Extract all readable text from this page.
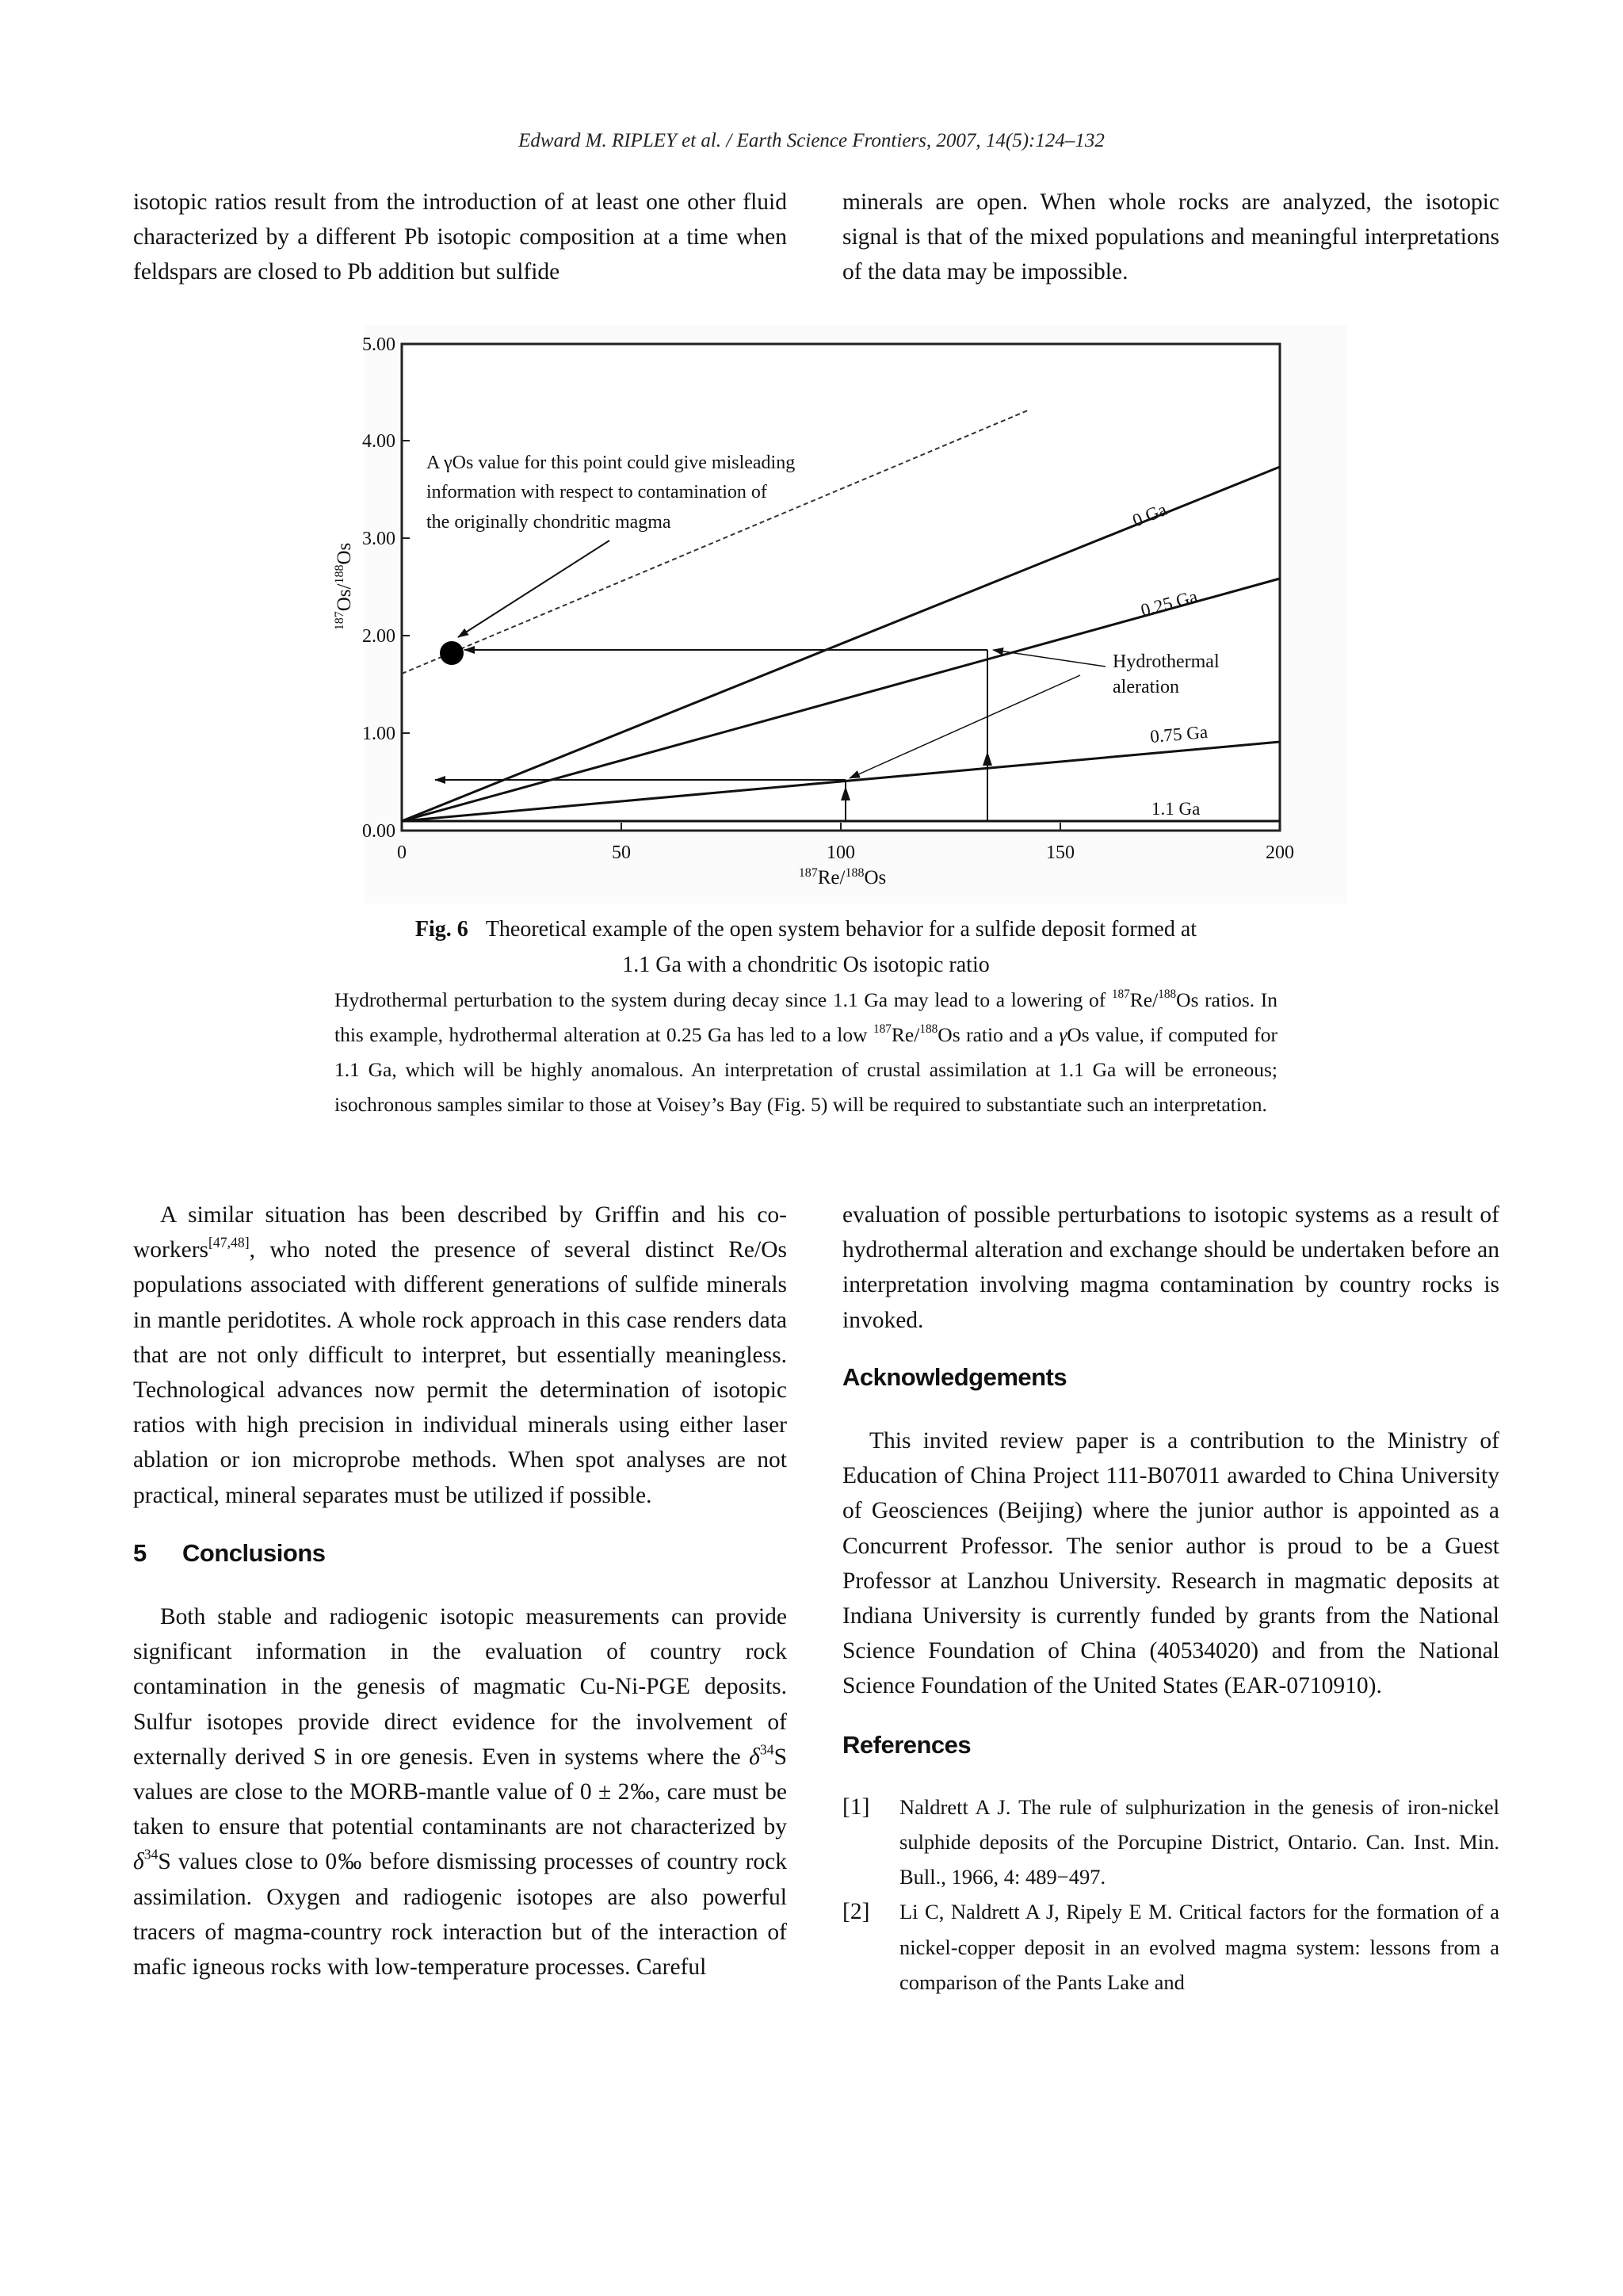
Edward M. RIPLEY et al. / Earth Science Frontiers, 2007, 14(5):124–132

isotopic ratios result from the introduction of at least one other fluid characterized by a different Pb isotopic composition at a time when feldspars are closed to Pb addition but sulfide

minerals are open. When whole rocks are analyzed, the isotopic signal is that of the mixed populations and meaningful interpretations of the data may be impossible.

0.00
1.00
2.00
3.00
4.00
5.00
0	50	100	150	200
$^{187}$Re/$^{188}$Os
$^{187}$Os/$^{188}$Os
A γOs value for this point could give misleading
information with respect to contamination of
the originally chondritic magma
Hydrothermal
aleration
0 Ga
0.25 Ga
0.75 Ga
1.1 Ga
Fig. 6 Theoretical example of the open system behavior for a sulfide deposit formed at
1.1 Ga with a chondritic Os isotopic ratio
Hydrothermal perturbation to the system during decay since 1.1 Ga may lead to a lowering of $^{187}$Re/$^{188}$Os ratios. In this example, hydrothermal alteration at 0.25 Ga has led to a low $^{187}$Re/$^{188}$Os ratio and a γOs value, if computed for 1.1 Ga, which will be highly anomalous. An interpretation of crustal assimilation at 1.1 Ga will be erroneous; isochronous samples similar to those at Voisey’s Bay (Fig. 5) will be required to substantiate such an interpretation.

A similar situation has been described by Griffin and his co-workers[47,48], who noted the presence of several distinct Re/Os populations associated with different generations of sulfide minerals in mantle peridotites. A whole rock approach in this case renders data that are not only difficult to interpret, but essentially meaningless. Technological advances now permit the determination of isotopic ratios with high precision in individual minerals using either laser ablation or ion microprobe methods. When spot analyses are not practical, mineral separates must be utilized if possible.

5 Conclusions

Both stable and radiogenic isotopic measurements can provide significant information in the evaluation of country rock contamination in the genesis of magmatic Cu-Ni-PGE deposits. Sulfur isotopes provide direct evidence for the involvement of externally derived S in ore genesis. Even in systems where the $\delta^{34}S$ values are close to the MORB-mantle value of 0 ± 2‰, care must be taken to ensure that potential contaminants are not characterized by $\delta^{34}S$ values close to 0‰ before dismissing processes of country rock assimilation. Oxygen and radiogenic isotopes are also powerful tracers of magma-country rock interaction but of the interaction of mafic igneous rocks with low-temperature processes. Careful

evaluation of possible perturbations to isotopic systems as a result of hydrothermal alteration and exchange should be undertaken before an interpretation involving magma contamination by country rocks is invoked.

Acknowledgements

This invited review paper is a contribution to the Ministry of Education of China Project 111-B07011 awarded to China University of Geosciences (Beijing) where the junior author is appointed as a Concurrent Professor. The senior author is proud to be a Guest Professor at Lanzhou University. Research in magmatic deposits at Indiana University is currently funded by grants from the National Science Foundation of China (40534020) and from the National Science Foundation of the United States (EAR-0710910).

References
[1]	Naldrett A J. The rule of sulphurization in the genesis of iron-nickel sulphide deposits of the Porcupine District, Ontario. Can. Inst. Min. Bull., 1966, 4: 489−497.
[2]	Li C, Naldrett A J, Ripely E M. Critical factors for the formation of a nickel-copper deposit in an evolved magma system: lessons from a comparison of the Pants Lake and
